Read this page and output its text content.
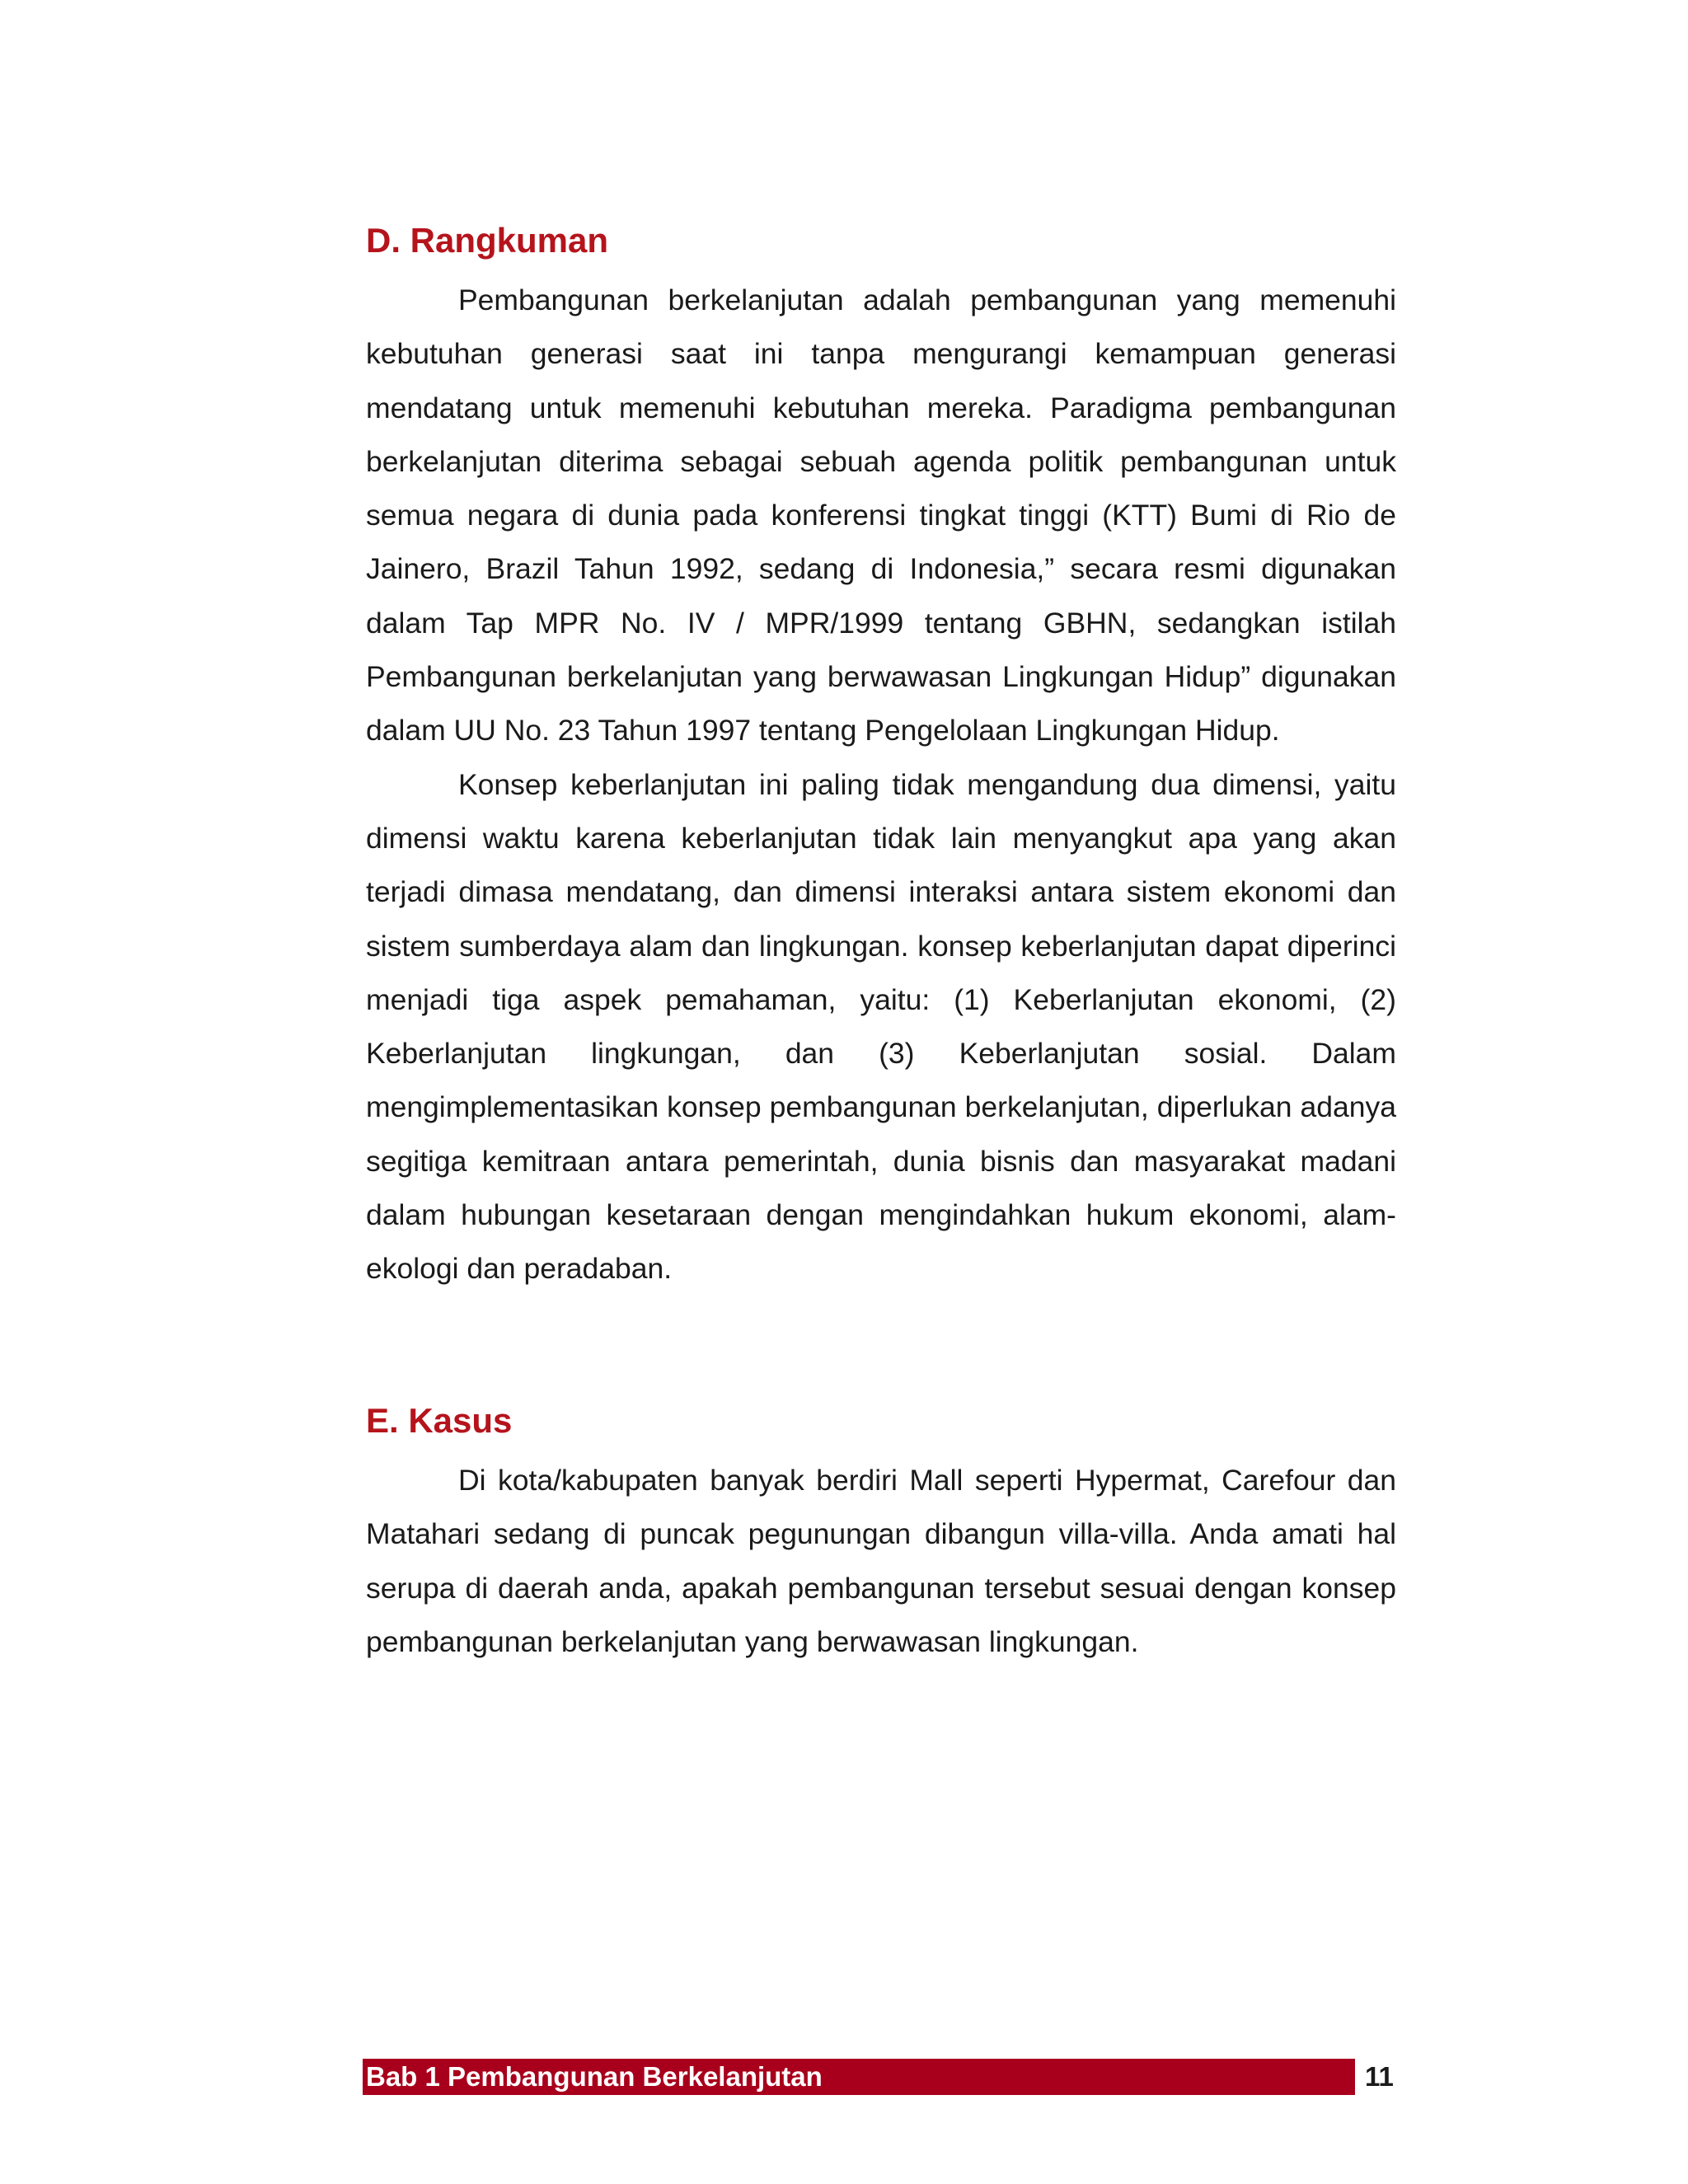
D. Rangkuman

Pembangunan berkelanjutan adalah pembangunan yang memenuhi kebutuhan generasi saat ini tanpa mengurangi kemampuan generasi mendatang untuk memenuhi kebutuhan mereka. Paradigma pembangunan berkelanjutan diterima sebagai sebuah agenda politik pembangunan untuk semua negara di dunia pada konferensi tingkat tinggi (KTT) Bumi di Rio de Jainero, Brazil Tahun 1992, sedang di Indonesia,” secara resmi digunakan dalam Tap MPR No. IV / MPR/1999 tentang GBHN, sedangkan istilah Pembangunan berkelanjutan yang berwawasan Lingkungan Hidup” digunakan dalam UU No. 23 Tahun 1997 tentang Pengelolaan Lingkungan Hidup.

Konsep keberlanjutan ini paling tidak mengandung dua dimensi, yaitu dimensi waktu karena keberlanjutan tidak lain menyangkut apa yang akan terjadi dimasa mendatang, dan dimensi interaksi antara sistem ekonomi dan sistem sumberdaya alam dan lingkungan. konsep keberlanjutan dapat diperinci menjadi tiga aspek pemahaman, yaitu: (1) Keberlanjutan ekonomi, (2) Keberlanjutan lingkungan, dan (3) Keberlanjutan sosial. Dalam mengimplementasikan konsep pembangunan berkelanjutan, diperlukan adanya segitiga kemitraan antara pemerintah, dunia bisnis dan masyarakat madani dalam hubungan kesetaraan dengan mengindahkan hukum ekonomi, alam-ekologi dan peradaban.

E. Kasus

Di kota/kabupaten banyak berdiri Mall seperti Hypermat, Carefour dan Matahari sedang di puncak pegunungan dibangun villa-villa. Anda amati hal serupa di daerah anda, apakah pembangunan tersebut sesuai dengan konsep pembangunan berkelanjutan yang berwawasan lingkungan.

Bab 1 Pembangunan Berkelanjutan	11
